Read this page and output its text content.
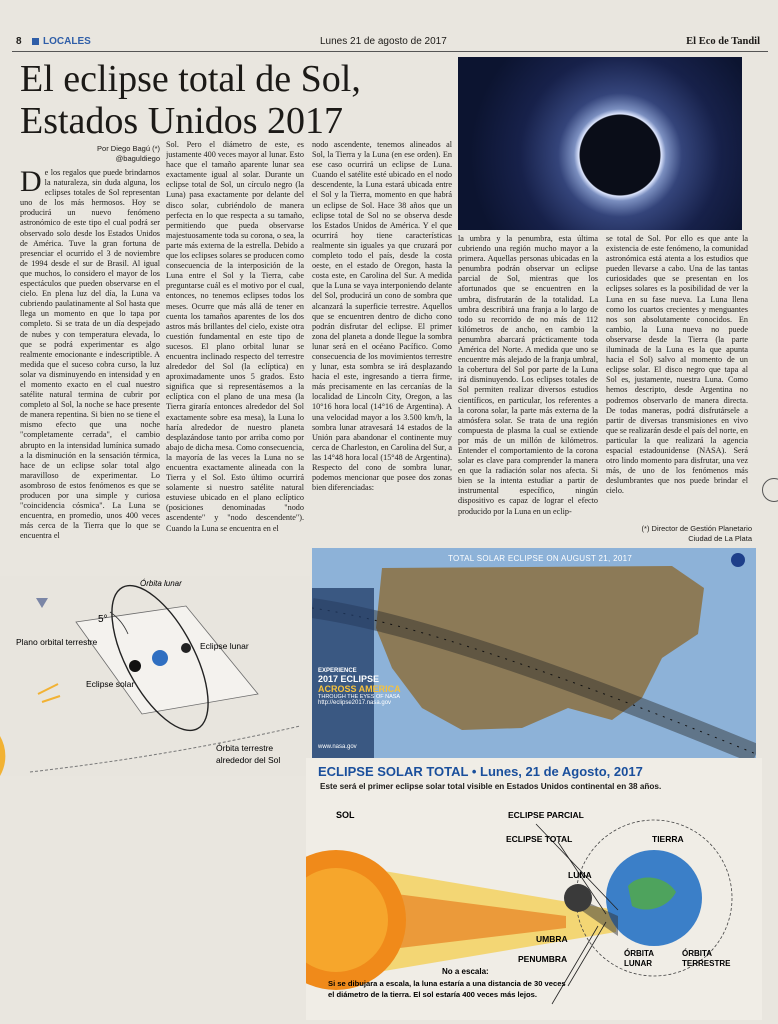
8 LOCALES	Lunes 21 de agosto de 2017	El Eco de Tandil
El eclipse total de Sol,
Estados Unidos 2017
Por Diego Bagú (*)
@baguldiego
De los regalos que puede brindarnos la naturaleza, sin duda alguna, los eclipses totales de Sol representan uno de los más hermosos. Hoy se producirá un nuevo fenómeno astronómico de este tipo el cual podrá ser observado solo desde los Estados Unidos de América. Tuve la gran fortuna de presenciar el ocurrido el 3 de noviembre de 1994 desde el sur de Brasil. Al igual que muchos, lo considero el mayor de los espectáculos que pueden observarse en el cielo. En plena luz del día, la Luna va cubriendo paulatinamente al Sol hasta que llega un momento en que lo tapa por completo. Si se trata de un día despejado de nubes y con temperatura elevada, lo que se podrá experimentar es algo realmente emocionante e indescriptible. A medida que el suceso cobra curso, la luz solar va disminuyendo en intensidad y en el momento exacto en el cual nuestro satélite natural termina de cubrir por completo al Sol, la noche se hace presente de manera repentina. Si bien no se tiene el mismo efecto que una noche "completamente cerrada", el cambio abrupto en la intensidad lumínica sumado a la disminución en la sensación térmica, hace de un eclipse solar total algo maravilloso de experimentar. Lo asombroso de estos fenómenos es que se producen por una simple y curiosa "coincidencia cósmica". La Luna se encuentra, en promedio, unos 400 veces más cerca de la Tierra que lo que se encuentra el
Sol. Pero el diámetro de este, es justamente 400 veces mayor al lunar. Esto hace que el tamaño aparente lunar sea exactamente igual al solar. Durante un eclipse total de Sol, un círculo negro (la Luna) pasa exactamente por delante del disco solar, cubriéndolo de manera perfecta en lo que respecta a su tamaño, permitiendo que pueda observarse majestuosamente toda su corona, o sea, la parte más externa de la estrella. Debido a que los eclipses solares se producen como consecuencia de la interposición de la Luna entre el Sol y la Tierra, cabe preguntarse cuál es el motivo por el cual, entonces, no tenemos eclipses todos los meses. Ocurre que más allá de tener en cuenta los tamaños aparentes de los dos astros más brillantes del cielo, existe otra cuestión fundamental en este tipo de sucesos. El plano orbital lunar se encuentra inclinado respecto del terrestre alrededor del Sol (la eclíptica) en aproximadamente unos 5 grados. Esto significa que si representásemos a la eclíptica con el plano de una mesa (la Tierra giraría entonces alrededor del Sol exactamente sobre esa mesa), la Luna lo haría alrededor de nuestro planeta desplazándose tanto por arriba como por abajo de dicha mesa. Como consecuencia, la mayoría de las veces la Luna no se encuentra exactamente alineada con la Tierra y el Sol. Esto último ocurrirá solamente si nuestro satélite natural estuviese ubicado en el plano eclíptico (posiciones denominadas "nodo ascendente" y "nodo descendente"). Cuando la Luna se encuentra en el
nodo ascendente, tenemos alineados al Sol, la Tierra y la Luna (en ese orden). En ese caso ocurrirá un eclipse de Luna. Cuando el satélite esté ubicado en el nodo descendente, la Luna estará ubicada entre el Sol y la Tierra, momento en que habrá un eclipse de Sol. Hace 38 años que un eclipse total de Sol no se observa desde los Estados Unidos de América. Y el que ocurrirá hoy tiene características realmente sin iguales ya que cruzará por completo todo el país, desde la costa oeste, en el estado de Oregon, hasta la costa este, en Carolina del Sur. A medida que la Luna se vaya interponiendo delante del Sol, producirá un cono de sombra que alcanzará la superficie terrestre. Aquellos que se encuentren dentro de dicho cono podrán disfrutar del eclipse. El primer zona del planeta a donde llegue la sombra lunar será en el océano Pacífico. Como consecuencia de los movimientos terrestre y lunar, esta sombra se irá desplazando hacia el este, ingresando a tierra firme, más precisamente en las cercanías de la localidad de Lincoln City, Oregon, a las 10°16 hora local (14°16 de Argentina). A una velocidad mayor a los 3.500 km/h, la sombra lunar atravesará 14 estados de la Unión para abandonar el continente muy cerca de Charleston, en Carolina del Sur, a las 14°48 hora local (15°48 de Argentina). Respecto del cono de sombra lunar, podemos mencionar que posee dos zonas bien diferenciadas:
la umbra y la penumbra, esta última cubriendo una región mucho mayor a la primera. Aquellas personas ubicadas en la penumbra podrán observar un eclipse parcial de Sol, mientras que los afortunados que se encuentren en la umbra, disfrutarán de la totalidad. La umbra describirá una franja a lo largo de todo su recorrido de no más de 112 kilómetros de ancho, en cambio la penumbra abarcará prácticamente toda América del Norte. A medida que uno se encuentre más alejado de la franja umbral, la cobertura del Sol por parte de la Luna irá disminuyendo. Los eclipses totales de Sol permiten realizar diversos estudios científicos, en particular, los referentes a la corona solar, la parte más externa de la atmósfera solar. Se trata de una región compuesta de plasma la cual se extiende por más de un millón de kilómetros. Entender el comportamiento de la corona solar es clave para comprender la manera en que la radiación solar nos afecta. Si bien se la intenta estudiar a partir de instrumental específico, ningún dispositivo es capaz de lograr el efecto producido por la Luna en un eclip-
se total de Sol. Por ello es que ante la existencia de este fenómeno, la comunidad astronómica está atenta a los estudios que pueden llevarse a cabo. Una de las tantas curiosidades que se presentan en los eclipses solares es la posibilidad de ver la Luna en su fase nueva. La Luna llena como los cuartos crecientes y menguantes nos son absolutamente conocidos. En cambio, la Luna nueva no puede observarse desde la Tierra (la parte iluminada de la Luna es la que apunta hacia el Sol) salvo al momento de un eclipse solar. El disco negro que tapa al Sol es, justamente, nuestra Luna. Como hemos descripto, desde Argentina no podremos observarlo de manera directa. De todas maneras, podrá disfrutársele a partir de diversas transmisiones en vivo que se realizarán desde el país del norte, en particular la que realizará la agencia espacial estadounidense (NASA). Será otro lindo momento para disfrutar, una vez más, de uno de los fenómenos más deslumbrantes que nos puede brindar el cielo.
(*) Director de Gestión Planetario
Ciudad de La Plata
Órbita lunar
5°
Plano orbital terrestre	Eclipse lunar
Eclipse solar
Órbita terrestre
alrededor del Sol
TOTAL SOLAR ECLIPSE ON AUGUST 21, 2017
EXPERIENCE
2017 ECLIPSE
ACROSS AMERICA
THROUGH THE EYES OF NASA
http://eclipse2017.nasa.gov
www.nasa.gov
ECLIPSE SOLAR TOTAL • Lunes, 21 de Agosto, 2017
Este será el primer eclipse solar total visible en Estados Unidos continental en 38 años.
SOL	ECLIPSE PARCIAL
ECLIPSE TOTAL	TIERRA
LUNA
UMBRA
PENUMBRA
ÓRBITA
LUNAR
ÓRBITA
TERRESTRE
No a escala:
Si se dibujara a escala, la luna estaría a una distancia de 30 veces
el diámetro de la tierra. El sol estaría 400 veces más lejos.
